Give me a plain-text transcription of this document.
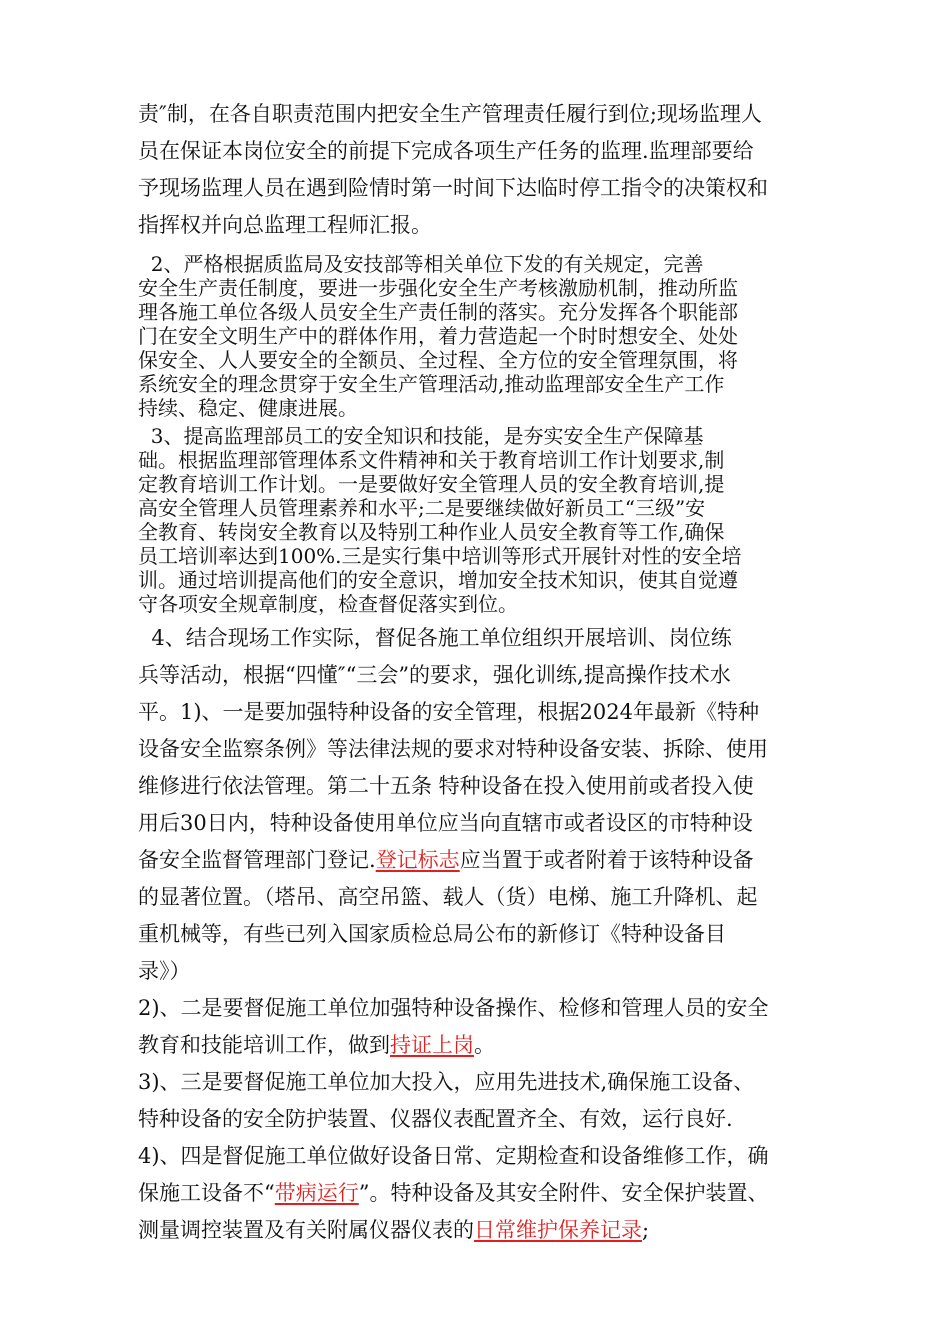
责″制，在各自职责范围内把安全生产管理责任履行到位;现场监理人
员在保证本岗位安全的前提下完成各项生产任务的监理.监理部要给
予现场监理人员在遇到险情时第一时间下达临时停工指令的决策权和
指挥权并向总监理工程师汇报。
2、严格根据质监局及安技部等相关单位下发的有关规定，完善
安全生产责任制度，要进一步强化安全生产考核激励机制，推动所监
理各施工单位各级人员安全生产责任制的落实。充分发挥各个职能部
门在安全文明生产中的群体作用，着力营造起一个时时想安全、处处
保安全、人人要安全的全额员、全过程、全方位的安全管理氛围，将
系统安全的理念贯穿于安全生产管理活动,推动监理部安全生产工作
持续、稳定、健康进展。
3、提高监理部员工的安全知识和技能，是夯实安全生产保障基
础。根据监理部管理体系文件精神和关于教育培训工作计划要求,制
定教育培训工作计划。一是要做好安全管理人员的安全教育培训,提
高安全管理人员管理素养和水平;二是要继续做好新员工“三级”安
全教育、转岗安全教育以及特别工种作业人员安全教育等工作,确保
员工培训率达到100%.三是实行集中培训等形式开展针对性的安全培
训。通过培训提高他们的安全意识，增加安全技术知识，使其自觉遵
守各项安全规章制度，检查督促落实到位。
4、结合现场工作实际，督促各施工单位组织开展培训、岗位练
兵等活动，根据“四懂″“三会”的要求，强化训练,提高操作技术水
平。1)、一是要加强特种设备的安全管理，根据2024年最新《特种
设备安全监察条例》等法律法规的要求对特种设备安装、拆除、使用
维修进行依法管理。第二十五条 特种设备在投入使用前或者投入使
用后30日内，特种设备使用单位应当向直辖市或者设区的市特种设
备安全监督管理部门登记.登记标志应当置于或者附着于该特种设备
的显著位置。（塔吊、高空吊篮、载人（货）电梯、施工升降机、起
重机械等，有些已列入国家质检总局公布的新修订《特种设备目
录》）
2)、二是要督促施工单位加强特种设备操作、检修和管理人员的安全
教育和技能培训工作，做到持证上岗。
3)、三是要督促施工单位加大投入，应用先进技术,确保施工设备、
特种设备的安全防护装置、仪器仪表配置齐全、有效，运行良好.
4)、四是督促施工单位做好设备日常、定期检查和设备维修工作，确
保施工设备不“带病运行”。特种设备及其安全附件、安全保护装置、
测量调控装置及有关附属仪器仪表的日常维护保养记录;
